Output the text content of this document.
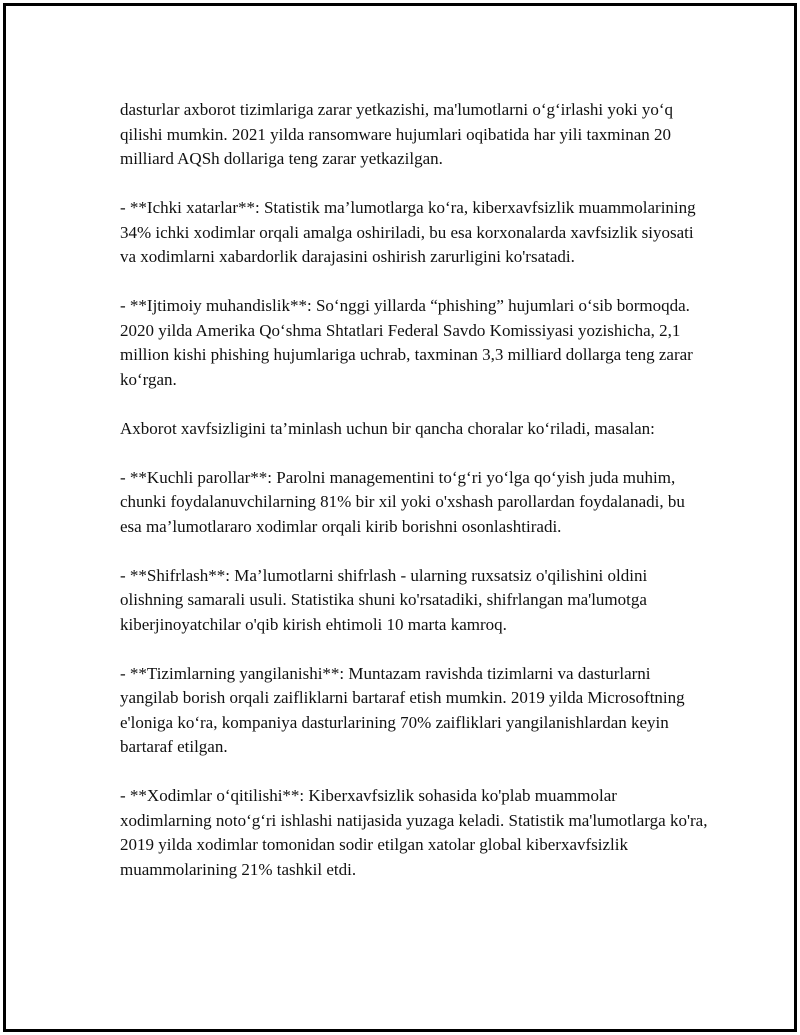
dasturlar axborot tizimlariga zarar yetkazishi, ma'lumotlarni o‘g‘irlashi yoki yo‘q qilishi mumkin. 2021 yilda ransomware hujumlari oqibatida har yili taxminan 20 milliard AQSh dollariga teng zarar yetkazilgan.

- **Ichki xatarlar**: Statistik ma’lumotlarga ko‘ra, kiberxavfsizlik muammolarining 34% ichki xodimlar orqali amalga oshiriladi, bu esa korxonalarda xavfsizlik siyosati va xodimlarni xabardorlik darajasini oshirish zarurligini ko'rsatadi.

- **Ijtimoiy muhandislik**: So‘nggi yillarda “phishing” hujumlari o‘sib bormoqda. 2020 yilda Amerika Qo‘shma Shtatlari Federal Savdo Komissiyasi yozishicha, 2,1 million kishi phishing hujumlariga uchrab, taxminan 3,3 milliard dollarga teng zarar ko‘rgan.

Axborot xavfsizligini ta’minlash uchun bir qancha choralar ko‘riladi, masalan:

- **Kuchli parollar**: Parolni managementini to‘g‘ri yo‘lga qo‘yish juda muhim, chunki foydalanuvchilarning 81% bir xil yoki o'xshash parollardan foydalanadi, bu esa ma’lumotlararo xodimlar orqali kirib borishni osonlashtiradi.

- **Shifrlash**: Ma’lumotlarni shifrlash - ularning ruxsatsiz o'qilishini oldini olishning samarali usuli. Statistika shuni ko'rsatadiki, shifrlangan ma'lumotga kiberjinoyatchilar o'qib kirish ehtimoli 10 marta kamroq.

- **Tizimlarning yangilanishi**: Muntazam ravishda tizimlarni va dasturlarni yangilab borish orqali zaifliklarni bartaraf etish mumkin. 2019 yilda Microsoftning e'loniga ko‘ra, kompaniya dasturlarining 70% zaifliklari yangilanishlardan keyin bartaraf etilgan.

- **Xodimlar o‘qitilishi**: Kiberxavfsizlik sohasida ko'plab muammolar xodimlarning noto‘g‘ri ishlashi natijasida yuzaga keladi. Statistik ma'lumotlarga ko'ra, 2019 yilda xodimlar tomonidan sodir etilgan xatolar global kiberxavfsizlik muammolarining 21% tashkil etdi.
